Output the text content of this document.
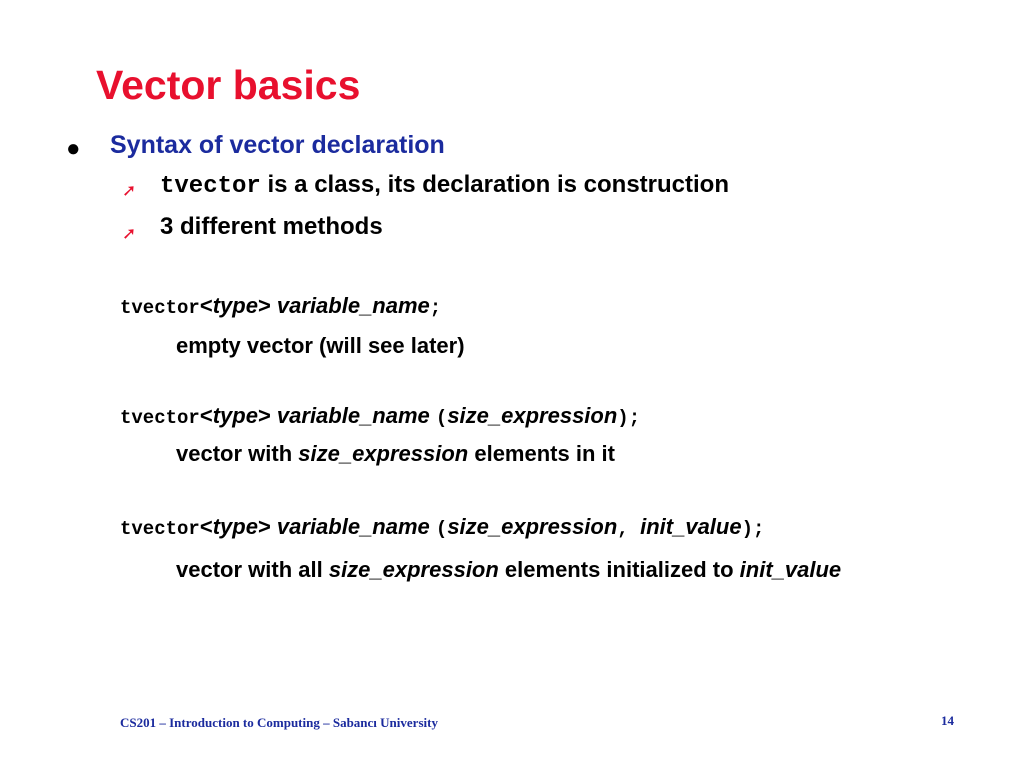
Vector basics
● Syntax of vector declaration
➚ tvector is a class, its declaration is construction
➚ 3 different methods
tvector<type> variable_name;
empty vector (will see later)
tvector<type> variable_name (size_expression);
vector with size_expression elements in it
tvector<type> variable_name (size_expression, init_value);
vector with all size_expression elements initialized to init_value
CS201 – Introduction to Computing – Sabancı University	14
